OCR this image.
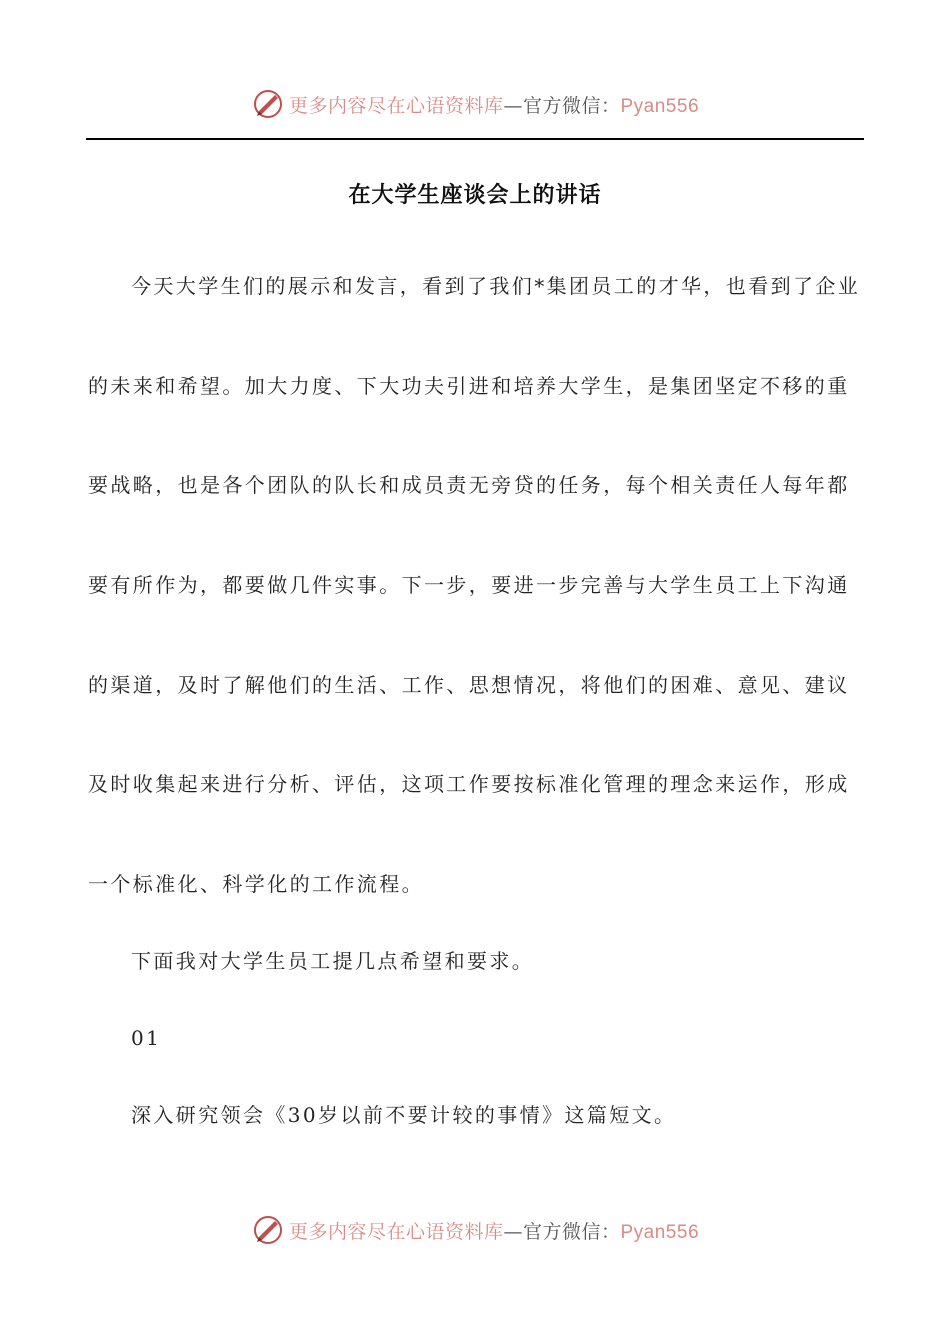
更多内容尽在心语资料库—官方微信：Pyan556
在大学生座谈会上的讲话
今天大学生们的展示和发言，看到了我们*集团员工的才华，也看到了企业
的未来和希望。加大力度、下大功夫引进和培养大学生，是集团坚定不移的重
要战略，也是各个团队的队长和成员责无旁贷的任务，每个相关责任人每年都
要有所作为，都要做几件实事。下一步，要进一步完善与大学生员工上下沟通
的渠道，及时了解他们的生活、工作、思想情况，将他们的困难、意见、建议
及时收集起来进行分析、评估，这项工作要按标准化管理的理念来运作，形成
一个标准化、科学化的工作流程。
下面我对大学生员工提几点希望和要求。
01
深入研究领会《30岁以前不要计较的事情》这篇短文。
更多内容尽在心语资料库—官方微信：Pyan556
